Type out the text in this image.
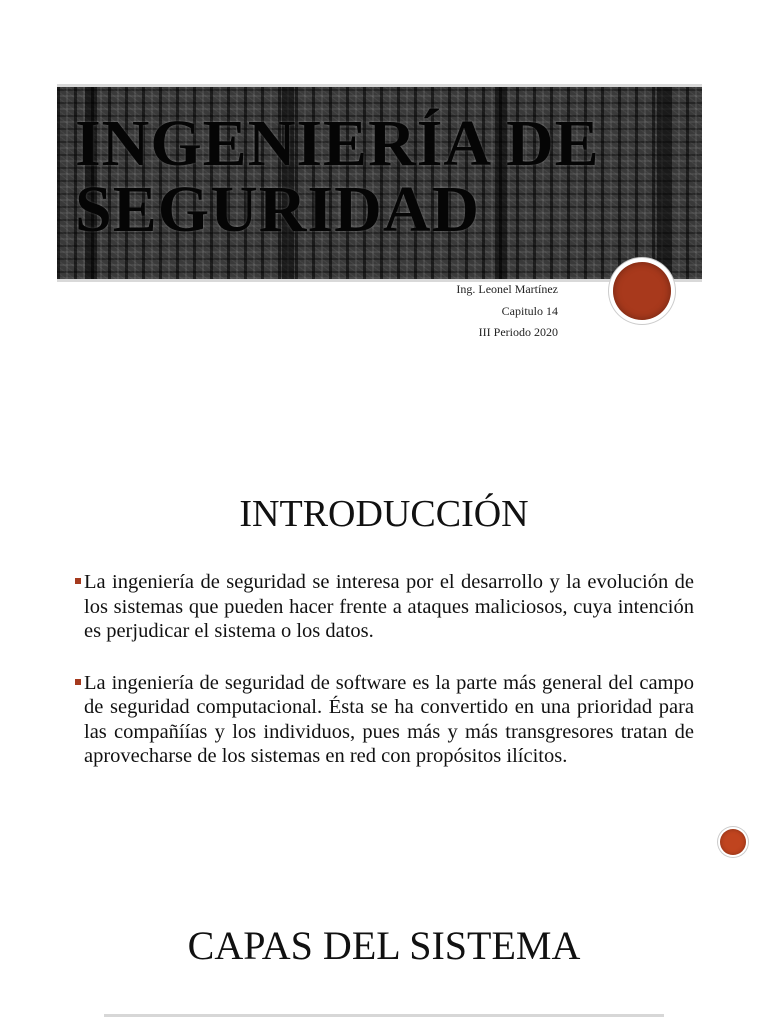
INGENIERÍA DE SEGURIDAD
Ing. Leonel Martínez
Capitulo 14
III Periodo 2020
INTRODUCCIÓN
La ingeniería de seguridad se interesa por el desarrollo y la evolución de los sistemas que pueden hacer frente a ataques maliciosos, cuya intención es perjudicar el sistema o los datos.
La ingeniería de seguridad de software es la parte más general del campo de seguridad computacional. Ésta se ha convertido en una prioridad para las compañíías y los individuos, pues más y más transgresores tratan de aprovecharse de los sistemas en red con propósitos ilícitos.
CAPAS DEL SISTEMA
